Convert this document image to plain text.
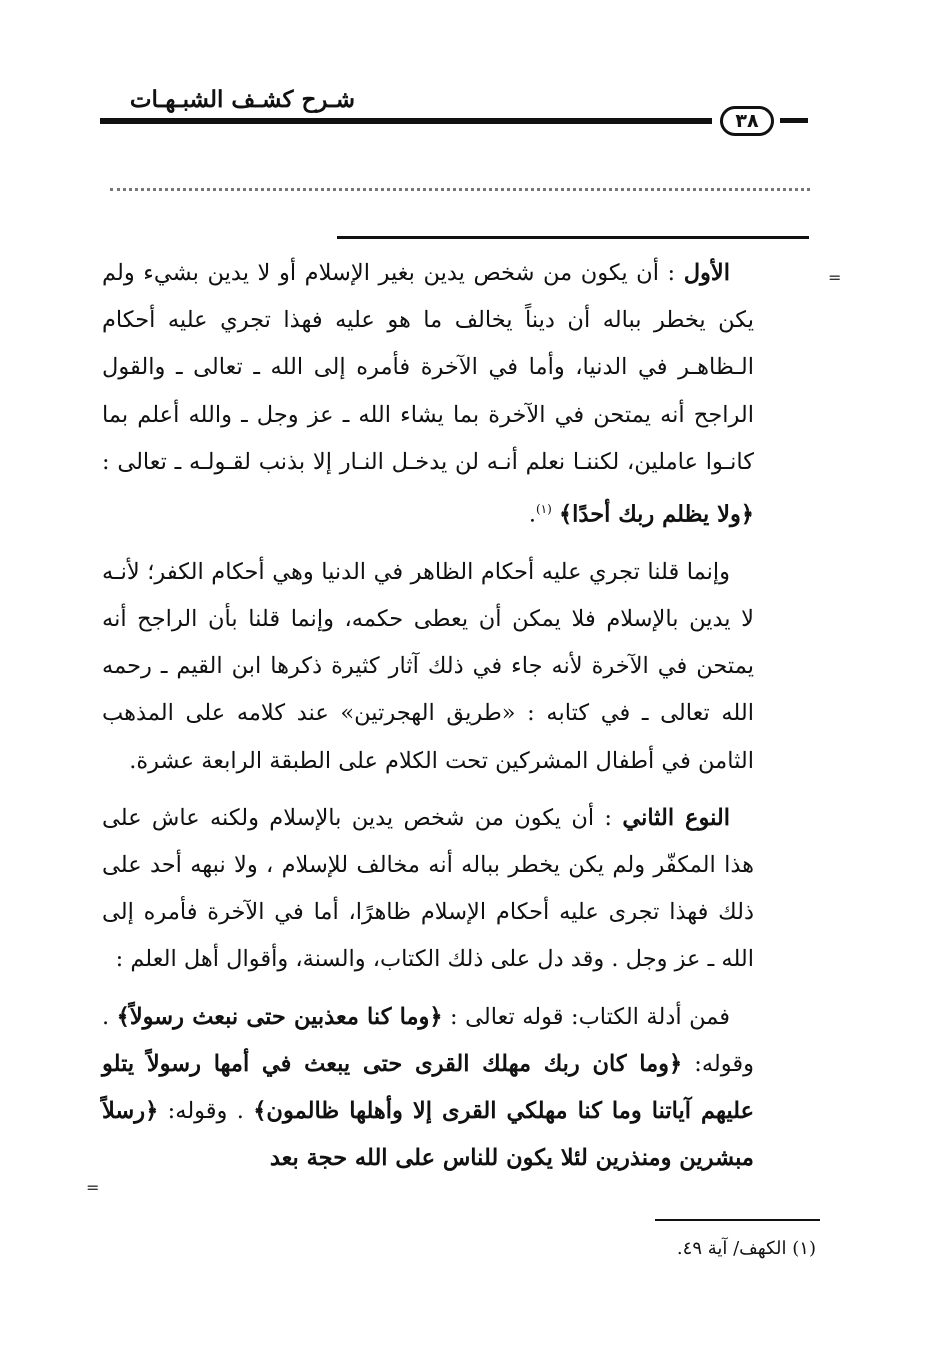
شـرح كشـف الشبـهـات
٣٨
=
=

الأول : أن يكون من شخص يدين بغير الإسلام أو لا يدين بشيء ولم يكن يخطر بباله أن ديناً يخالف ما هو عليه فهذا تجري عليه أحكام الـظاهـر في الدنيا، وأما في الآخرة فأمره إلى الله ـ تعالى ـ والقول الراجح أنه يمتحن في الآخرة بما يشاء الله ـ عز وجل ـ والله أعلم بما كانـوا عاملين، لكننـا نعلم أنـه لن يدخـل النـار إلا بذنب لقـولـه ـ تعالى : ﴿ولا يظلم ربك أحدًا﴾ $^{(١)}$.

وإنما قلنا تجري عليه أحكام الظاهر في الدنيا وهي أحكام الكفر؛ لأنـه لا يدين بالإسلام فلا يمكن أن يعطى حكمه، وإنما قلنا بأن الراجح أنه يمتحن في الآخرة لأنه جاء في ذلك آثار كثيرة ذكرها ابن القيم ـ رحمه الله تعالى ـ في كتابه : «طريق الهجرتين» عند كلامه على المذهب الثامن في أطفال المشركين تحت الكلام على الطبقة الرابعة عشرة.

النوع الثاني : أن يكون من شخص يدين بالإسلام ولكنه عاش على هذا المكفّر ولم يكن يخطر بباله أنه مخالف للإسلام ، ولا نبهه أحد على ذلك فهذا تجرى عليه أحكام الإسلام ظاهرًا، أما في الآخرة فأمره إلى الله ـ عز وجل . وقد دل على ذلك الكتاب، والسنة، وأقوال أهل العلم :

فمن أدلة الكتاب: قوله تعالى : ﴿وما كنا معذبين حتى نبعث رسولاً﴾ . وقوله: ﴿وما كان ربك مهلك القرى حتى يبعث في أمها رسولاً يتلو عليهم آياتنا وما كنا مهلكي القرى إلا وأهلها ظالمون﴾ . وقوله: ﴿رسلاً مبشرين ومنذرين لئلا يكون للناس على الله حجة بعد

(١) الكهف/ آية ٤٩.
